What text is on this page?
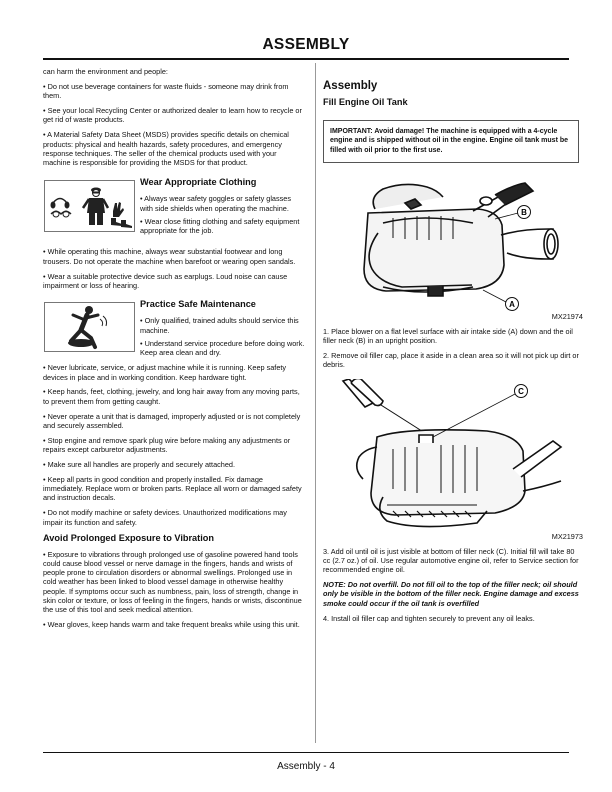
ASSEMBLY

can harm the environment and people:

• Do not use beverage containers for waste fluids - someone may drink from them.

• See your local Recycling Center or authorized dealer to learn how to recycle or get rid of waste products.

• A Material Safety Data Sheet (MSDS) provides specific details on chemical products: physical and health hazards, safety procedures, and emergency response techniques. The seller of the chemical products used with your machine is responsible for providing the MSDS for that product.

Wear Appropriate Clothing

• Always wear safety goggles or safety glasses with side shields when operating the machine.

• Wear close fitting clothing and safety equipment appropriate for the job.

• While operating this machine, always wear substantial footwear and long trousers. Do not operate the machine when barefoot or wearing open sandals.

• Wear a suitable protective device such as earplugs. Loud noise can cause impairment or loss of hearing.

Practice Safe Maintenance

• Only qualified, trained adults should service this machine.

• Understand service procedure before doing work. Keep area clean and dry.

• Never lubricate, service, or adjust machine while it is running. Keep safety devices in place and in working condition. Keep hardware tight.

• Keep hands, feet, clothing, jewelry, and long hair away from any moving parts, to prevent them from getting caught.

• Never operate a unit that is damaged, improperly adjusted or is not completely and securely assembled.

• Stop engine and remove spark plug wire before making any adjustments or repairs except carburetor adjustments.

• Make sure all handles are properly and securely attached.

• Keep all parts in good condition and properly installed. Fix damage immediately. Replace worn or broken parts. Replace all worn or damaged safety and instruction decals.

• Do not modify machine or safety devices. Unauthorized modifications may impair its function and safety.

Avoid Prolonged Exposure to Vibration

• Exposure to vibrations through prolonged use of gasoline powered hand tools could cause blood vessel or nerve damage in the fingers, hands and wrists of people prone to circulation disorders or abnormal swellings. Prolonged use in cold weather has been linked to blood vessel damage in otherwise healthy people. If symptoms occur such as numbness, pain, loss of strength, change in skin color or texture, or loss of feeling in the fingers, hands or wrists, discontinue the use of this tool and seek medical attention.

• Wear gloves, keep hands warm and take frequent breaks while using this unit.

Assembly
Fill Engine Oil Tank
IMPORTANT: Avoid damage! The machine is equipped with a 4-cycle engine and is shipped without oil in the engine. Engine oil tank must be filled with oil prior to the first use.
B
A
MX21974

1. Place blower on a flat level surface with air intake side (A) down and the oil filler neck (B) in an upright position.

2. Remove oil filler cap, place it aside in a clean area so it will not pick up dirt or debris.

C
MX21973

3. Add oil until oil is just visible at bottom of filler neck (C). Initial fill will take 80 cc (2.7 oz.) of oil. Use regular automotive engine oil, refer to Service section for recommended engine oil.

NOTE: Do not overfill. Do not fill oil to the top of the filler neck; oil should only be visible in the bottom of the filler neck. Engine damage and excess smoke could occur if the oil tank is overfilled

4. Install oil filler cap and tighten securely to prevent any oil leaks.

Assembly - 4
